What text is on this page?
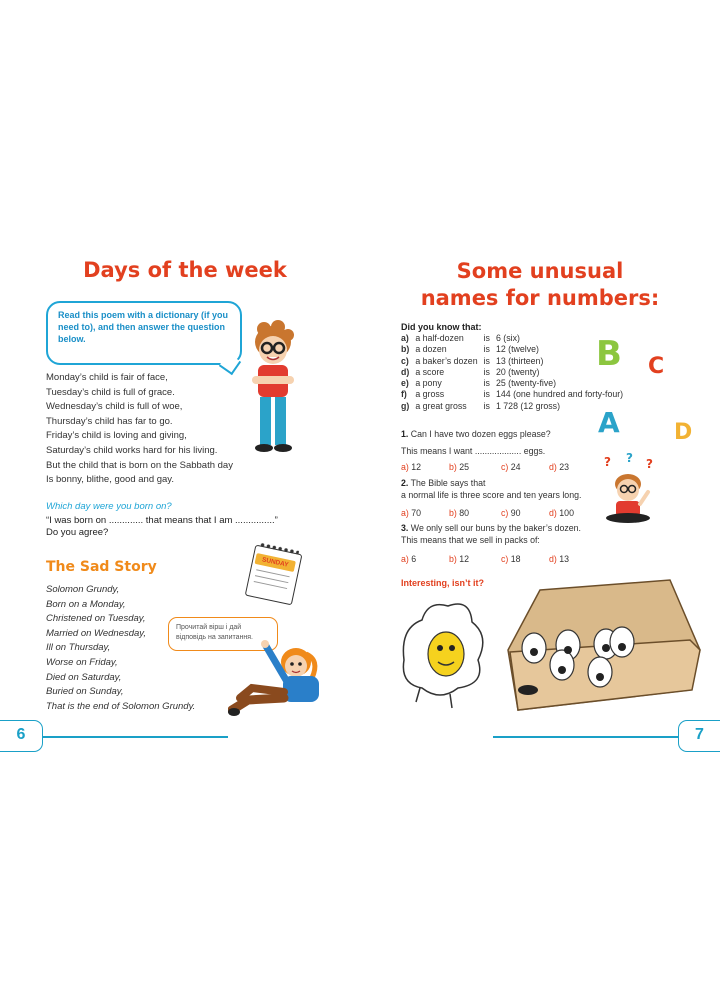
Days of the week
Read this poem with a dictionary (if you need to), and then answer the question below.
Monday’s child is fair of face,
Tuesday’s child is full of grace.
Wednesday’s child is full of woe,
Thursday’s child has far to go.
Friday’s child is loving and giving,
Saturday’s child works hard for his living.
But the child that is born on the Sabbath day
Is bonny, blithe, good and gay.
Which day were you born on?
“I was born on ............. that means that I am ...............”
Do you agree?
SUNDAY
The Sad Story
Solomon Grundy,
Born on a Monday,
Christened on Tuesday,
Married on Wednesday,
Ill on Thursday,
Worse on Friday,
Died on Saturday,
Buried on Sunday,
That is the end of Solomon Grundy.
Прочитай вірш і дай відповідь на запитання.
6
Some unusual
names for numbers:
Did you know that:
a)	a half-dozen	is	6 (six)
b)	a dozen	is	12 (twelve)
c)	a baker’s dozen	is	13 (thirteen)
d)	a score	is	20 (twenty)
e)	a pony	is	25 (twenty-five)
f)	a gross	is	144 (one hundred and forty-four)
g)	a great gross	is	1 728 (12 gross)
B C
A D
1. Can I have two dozen eggs please?
This means I want ................... eggs.
a) 12	b) 25	c) 24	d) 23
2. The Bible says that
a normal life is three score and ten years long.
a) 70	b) 80	c) 90	d) 100
3. We only sell our buns by the baker’s dozen.
This means that we sell in packs of:
a) 6	b) 12	c) 18	d) 13
? ? ?
Interesting, isn’t it?
7
